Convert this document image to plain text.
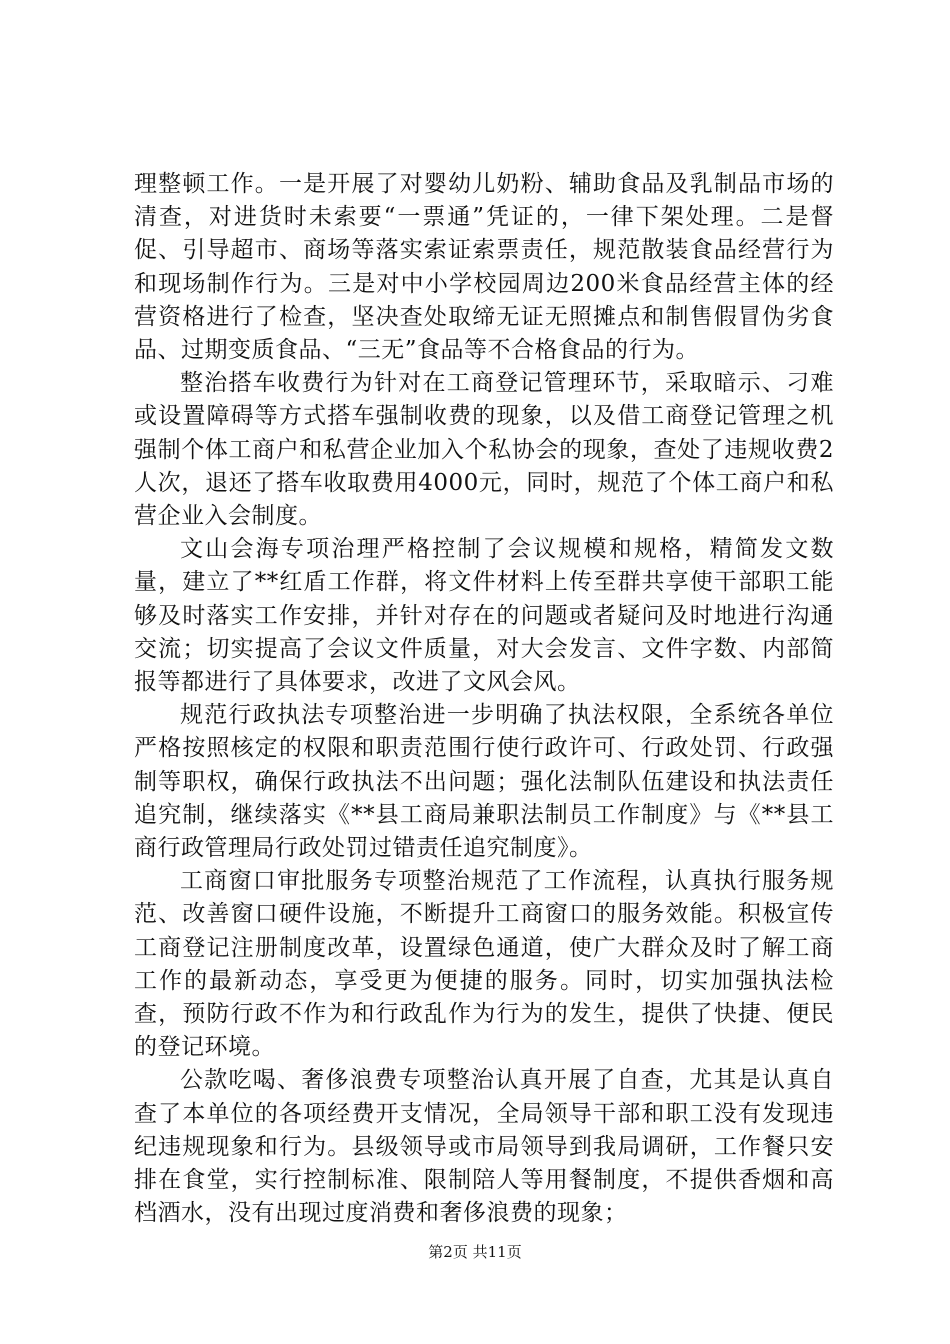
理整顿工作。一是开展了对婴幼儿奶粉、辅助食品及乳制品市场的清查，对进货时未索要“一票通”凭证的，一律下架处理。二是督促、引导超市、商场等落实索证索票责任，规范散装食品经营行为和现场制作行为。三是对中小学校园周边200米食品经营主体的经营资格进行了检查，坚决查处取缔无证无照摊点和制售假冒伪劣食品、过期变质食品、“三无”食品等不合格食品的行为。

整治搭车收费行为针对在工商登记管理环节，采取暗示、刁难或设置障碍等方式搭车强制收费的现象，以及借工商登记管理之机强制个体工商户和私营企业加入个私协会的现象，查处了违规收费2人次，退还了搭车收取费用4000元，同时，规范了个体工商户和私营企业入会制度。

文山会海专项治理严格控制了会议规模和规格，精简发文数量，建立了**红盾工作群，将文件材料上传至群共享使干部职工能够及时落实工作安排，并针对存在的问题或者疑问及时地进行沟通交流；切实提高了会议文件质量，对大会发言、文件字数、内部简报等都进行了具体要求，改进了文风会风。

规范行政执法专项整治进一步明确了执法权限，全系统各单位严格按照核定的权限和职责范围行使行政许可、行政处罚、行政强制等职权，确保行政执法不出问题；强化法制队伍建设和执法责任追究制，继续落实《**县工商局兼职法制员工作制度》与《**县工商行政管理局行政处罚过错责任追究制度》。

工商窗口审批服务专项整治规范了工作流程，认真执行服务规范、改善窗口硬件设施，不断提升工商窗口的服务效能。积极宣传工商登记注册制度改革，设置绿色通道，使广大群众及时了解工商工作的最新动态，享受更为便捷的服务。同时，切实加强执法检查，预防行政不作为和行政乱作为行为的发生，提供了快捷、便民的登记环境。

公款吃喝、奢侈浪费专项整治认真开展了自查，尤其是认真自查了本单位的各项经费开支情况，全局领导干部和职工没有发现违纪违规现象和行为。县级领导或市局领导到我局调研，工作餐只安排在食堂，实行控制标准、限制陪人等用餐制度，不提供香烟和高档酒水，没有出现过度消费和奢侈浪费的现象；

第2页 共11页
